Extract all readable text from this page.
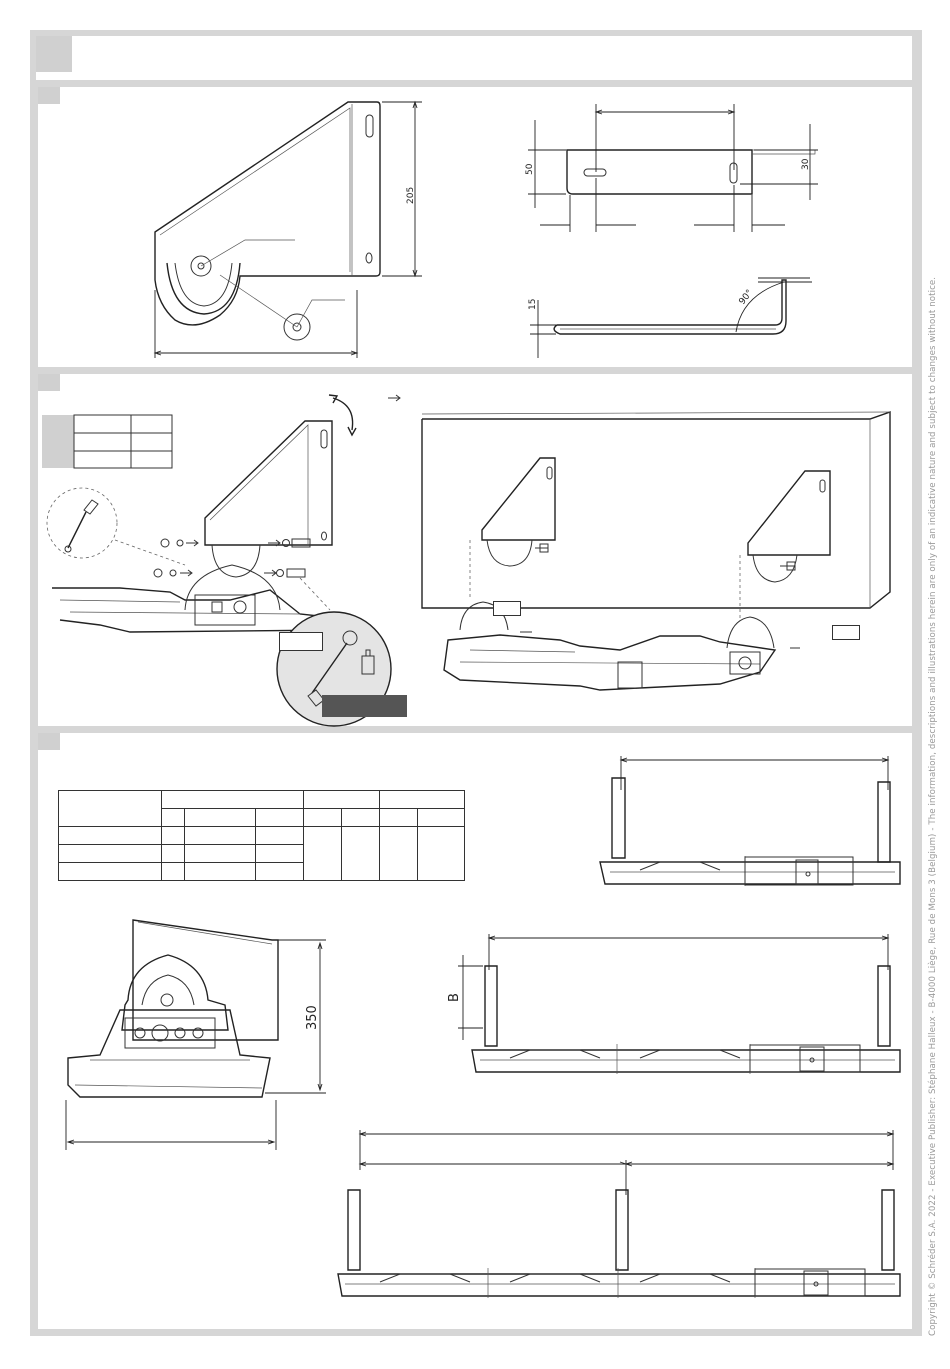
205
50	30
15	90°

350
B	Copyright © Schréder S.A. 2022 - Executive Publisher: Stéphane Halleux - B-4000 Liège, Rue de Mons 3 (Belgium) - The information, descriptions and illustrations herein are only of an indicative nature and subject to changes without notice.
